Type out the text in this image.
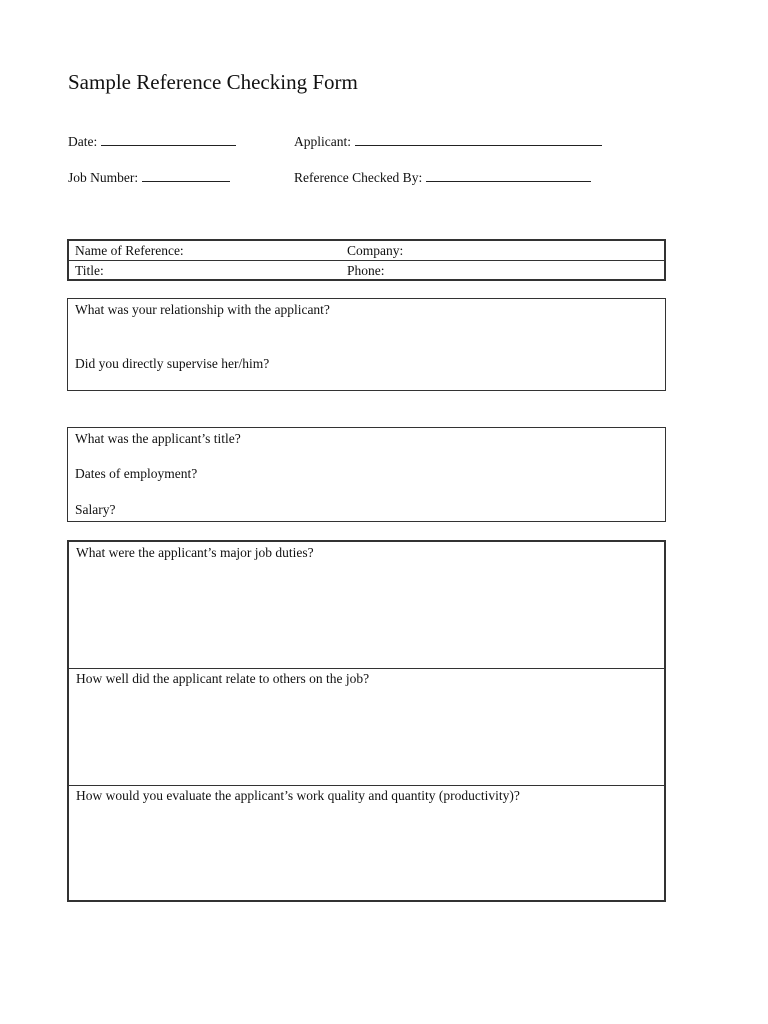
Sample Reference Checking Form
Date:	Applicant:
Job Number:	Reference Checked By:
Name of Reference:	Company:
Title:	Phone:
What was your relationship with the applicant?
Did you directly supervise her/him?
What was the applicant’s title?
Dates of employment?
Salary?
What were the applicant’s major job duties?
How well did the applicant relate to others on the job?
How would you evaluate the applicant’s work quality and quantity (productivity)?
